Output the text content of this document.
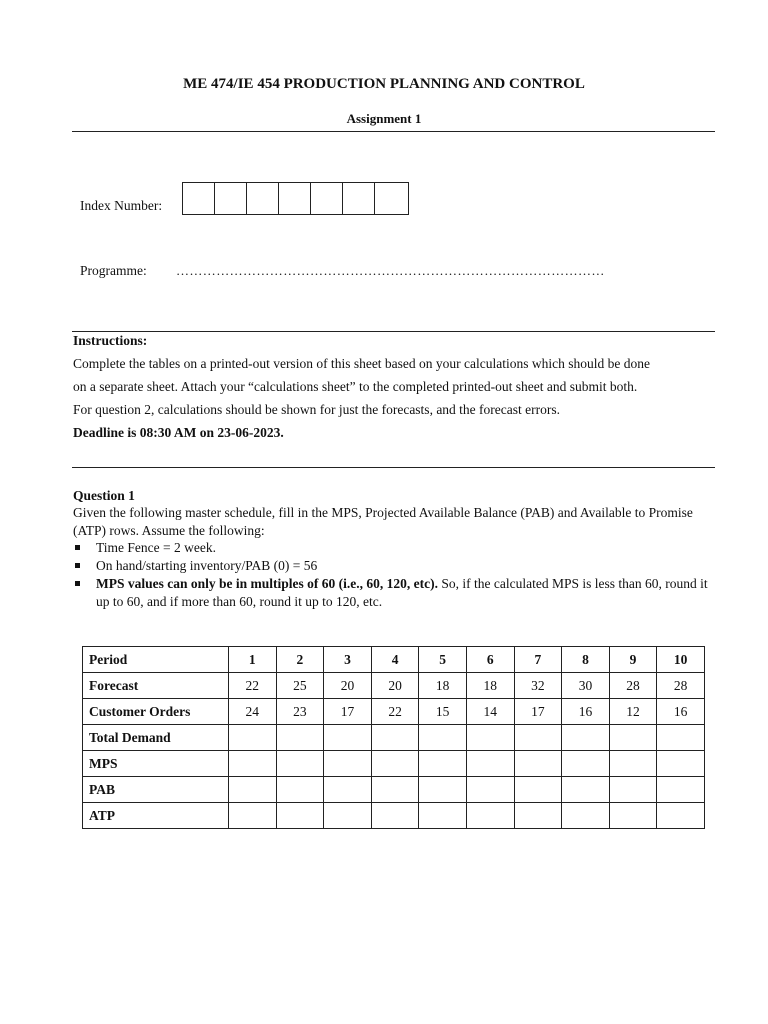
ME 474/IE 454 PRODUCTION PLANNING AND CONTROL
Assignment 1
Index Number:
Programme: ……………………………………………………………………………………
Instructions:
Complete the tables on a printed-out version of this sheet based on your calculations which should be done
on a separate sheet. Attach your “calculations sheet” to the completed printed-out sheet and submit both.
For question 2, calculations should be shown for just the forecasts, and the forecast errors.
Deadline is 08:30 AM on 23-06-2023.
Question 1
Given the following master schedule, fill in the MPS, Projected Available Balance (PAB) and Available to Promise (ATP) rows. Assume the following:
Time Fence = 2 week.
On hand/starting inventory/PAB (0) = 56
MPS values can only be in multiples of 60 (i.e., 60, 120, etc). So, if the calculated MPS is less than 60, round it up to 60, and if more than 60, round it up to 120, etc.
Period	1	2	3	4	5	6	7	8	9	10
Forecast	22	25	20	20	18	18	32	30	28	28
Customer Orders	24	23	17	22	15	14	17	16	12	16
Total Demand										
MPS										
PAB										
ATP										
